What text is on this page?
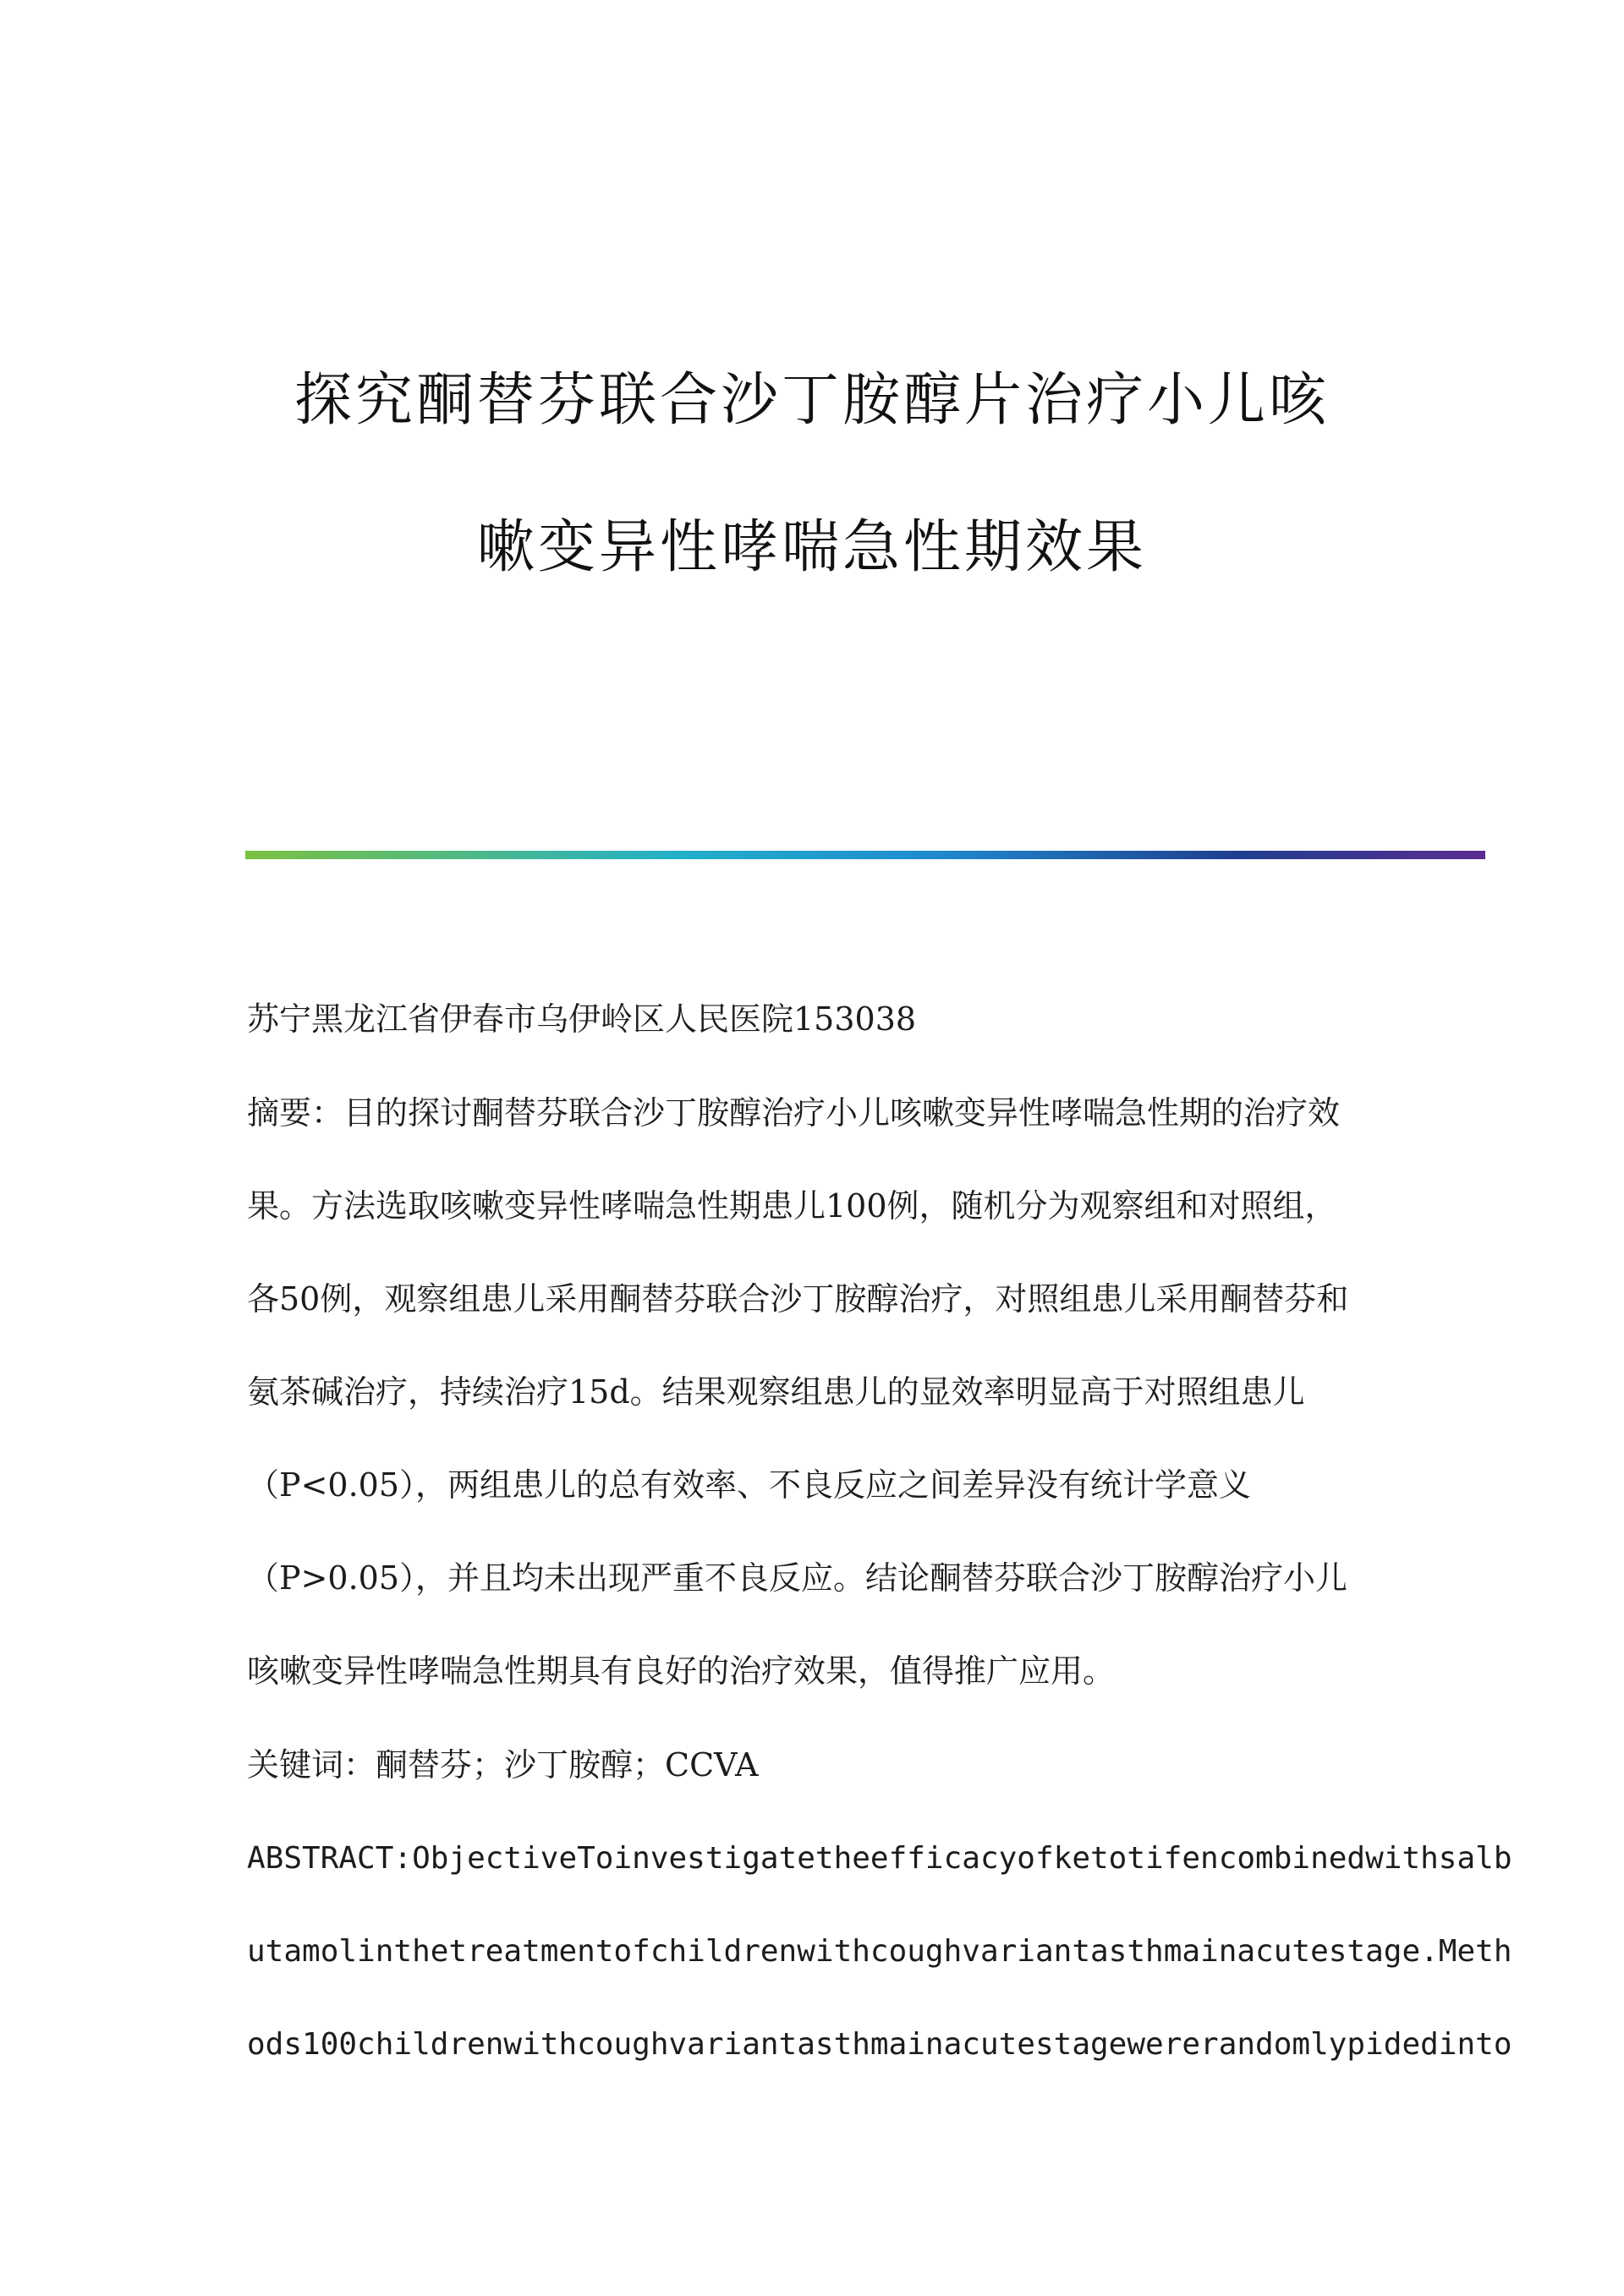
探究酮替芬联合沙丁胺醇片治疗小儿咳
嗽变异性哮喘急性期效果
苏宁黑龙江省伊春市乌伊岭区人民医院153038
摘要：目的探讨酮替芬联合沙丁胺醇治疗小儿咳嗽变异性哮喘急性期的治疗效
果。方法选取咳嗽变异性哮喘急性期患儿100例，随机分为观察组和对照组，
各50例，观察组患儿采用酮替芬联合沙丁胺醇治疗，对照组患儿采用酮替芬和
氨茶碱治疗，持续治疗15d。结果观察组患儿的显效率明显高于对照组患儿
（P<0.05），两组患儿的总有效率、不良反应之间差异没有统计学意义
（P>0.05），并且均未出现严重不良反应。结论酮替芬联合沙丁胺醇治疗小儿
咳嗽变异性哮喘急性期具有良好的治疗效果，值得推广应用。
关键词：酮替芬；沙丁胺醇；CCVA
ABSTRACT:ObjectiveToinvestigatetheefficacyofketotifencombinedwithsalb
utamolinthetreatmentofchildrenwithcoughvariantasthmainacutestage.Meth
ods100childrenwithcoughvariantasthmainacutestagewererandomlypidedinto
